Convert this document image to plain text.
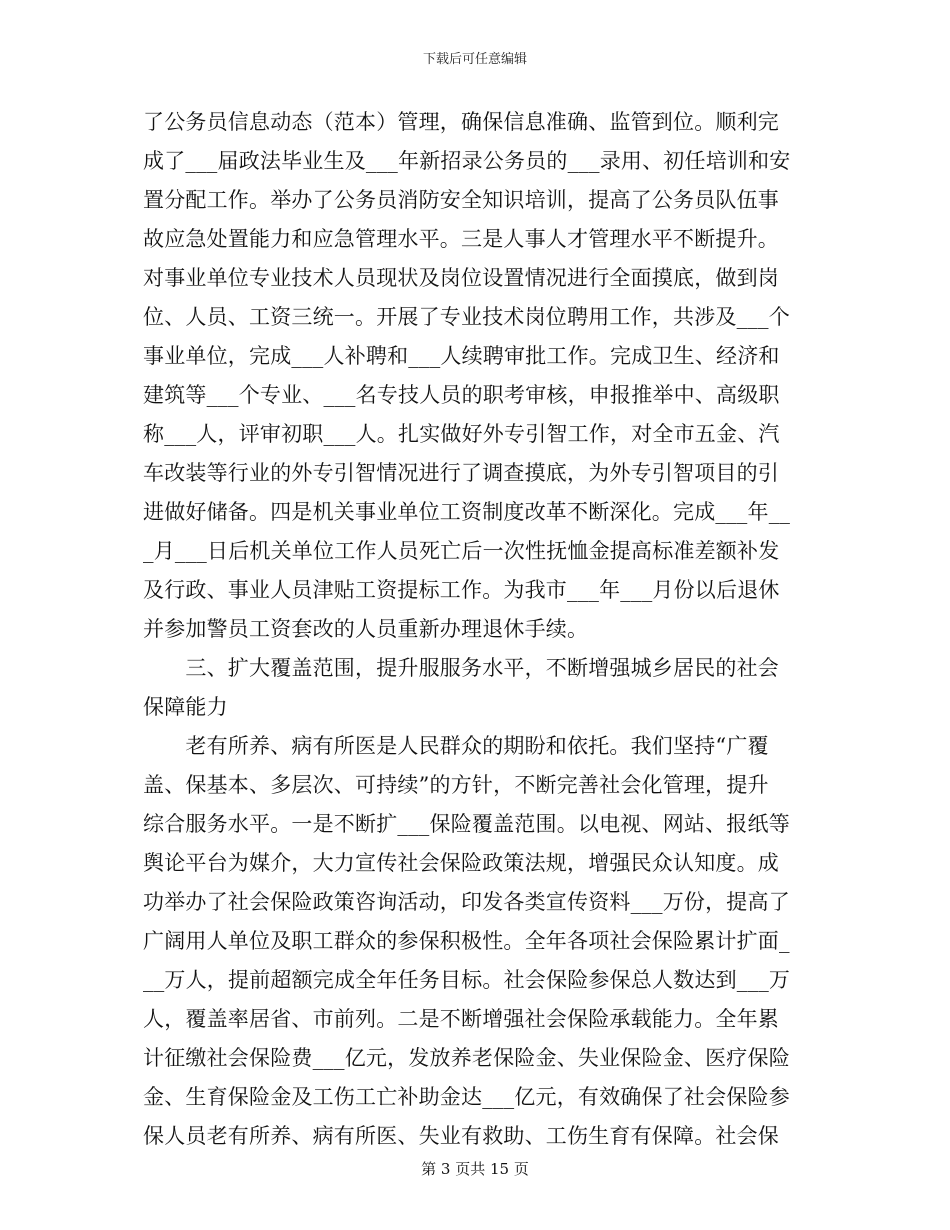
下载后可任意编辑
了公务员信息动态（范本）管理，确保信息准确、监管到位。顺利完
成了___届政法毕业生及___年新招录公务员的___录用、初任培训和安
置分配工作。举办了公务员消防安全知识培训，提高了公务员队伍事
故应急处置能力和应急管理水平。三是人事人才管理水平不断提升。
对事业单位专业技术人员现状及岗位设置情况进行全面摸底，做到岗
位、人员、工资三统一。开展了专业技术岗位聘用工作，共涉及___个
事业单位，完成___人补聘和___人续聘审批工作。完成卫生、经济和
建筑等___个专业、___名专技人员的职考审核，申报推举中、高级职
称___人，评审初职___人。扎实做好外专引智工作，对全市五金、汽
车改装等行业的外专引智情况进行了调查摸底，为外专引智项目的引
进做好储备。四是机关事业单位工资制度改革不断深化。完成___年__
_月___日后机关单位工作人员死亡后一次性抚恤金提高标准差额补发
及行政、事业人员津贴工资提标工作。为我市___年___月份以后退休
并参加警员工资套改的人员重新办理退休手续。
　　三、扩大覆盖范围，提升服服务水平，不断增强城乡居民的社会
保障能力
　　老有所养、病有所医是人民群众的期盼和依托。我们坚持“广覆
盖、保基本、多层次、可持续”的方针，不断完善社会化管理，提升
综合服务水平。一是不断扩___保险覆盖范围。以电视、网站、报纸等
舆论平台为媒介，大力宣传社会保险政策法规，增强民众认知度。成
功举办了社会保险政策咨询活动，印发各类宣传资料___万份，提高了
广阔用人单位及职工群众的参保积极性。全年各项社会保险累计扩面_
__万人，提前超额完成全年任务目标。社会保险参保总人数达到___万
人，覆盖率居省、市前列。二是不断增强社会保险承载能力。全年累
计征缴社会保险费___亿元，发放养老保险金、失业保险金、医疗保险
金、生育保险金及工伤工亡补助金达___亿元，有效确保了社会保险参
保人员老有所养、病有所医、失业有救助、工伤生育有保障。社会保
第 3 页共 15 页
